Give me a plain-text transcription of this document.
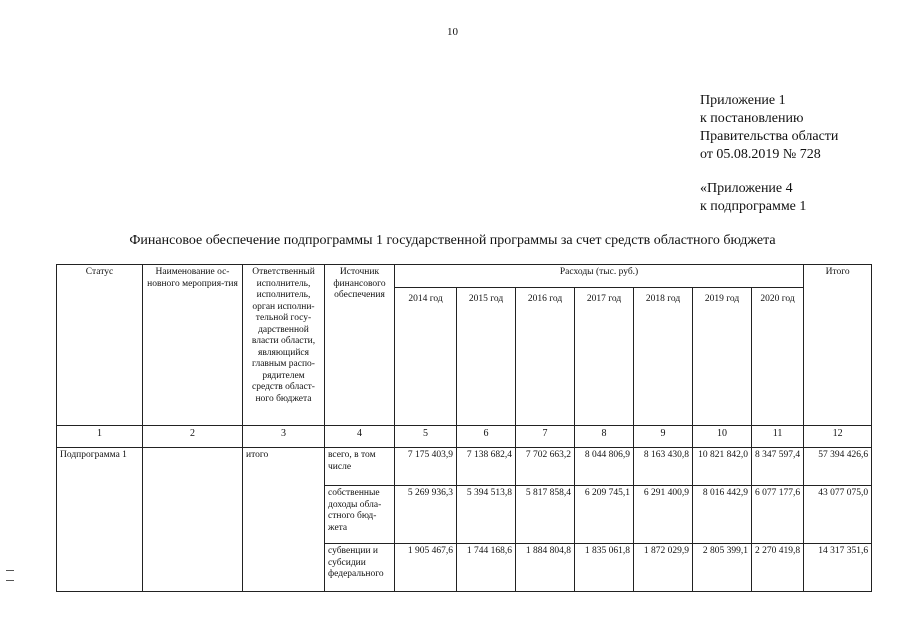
10
Приложение 1
к постановлению
Правительства области
от 05.08.2019 № 728
«Приложение 4
к подпрограмме 1
Финансовое обеспечение подпрограммы 1 государственной программы за счет средств областного бюджета
Статус	Наименование ос-новного мероприя-тия	Ответственный исполнитель, исполнитель, орган исполни-тельной госу-дарственной власти области, являющийся главным распо-рядителем средств област-ного бюджета	Источник финансового обеспечения	Расходы (тыс. руб.)							Итого
				2014 год	2015 год	2016 год	2017 год	2018 год	2019 год	2020 год	
1	2	3	4	5	6	7	8	9	10	11	12
Подпрограмма 1		итого	всего, в том числе	7 175 403,9	7 138 682,4	7 702 663,2	8 044 806,9	8 163 430,8	10 821 842,0	8 347 597,4	57 394 426,6
			собственные доходы обла-стного бюд-жета	5 269 936,3	5 394 513,8	5 817 858,4	6 209 745,1	6 291 400,9	8 016 442,9	6 077 177,6	43 077 075,0
			субвенции и субсидии федерального	1 905 467,6	1 744 168,6	1 884 804,8	1 835 061,8	1 872 029,9	2 805 399,1	2 270 419,8	14 317 351,6
